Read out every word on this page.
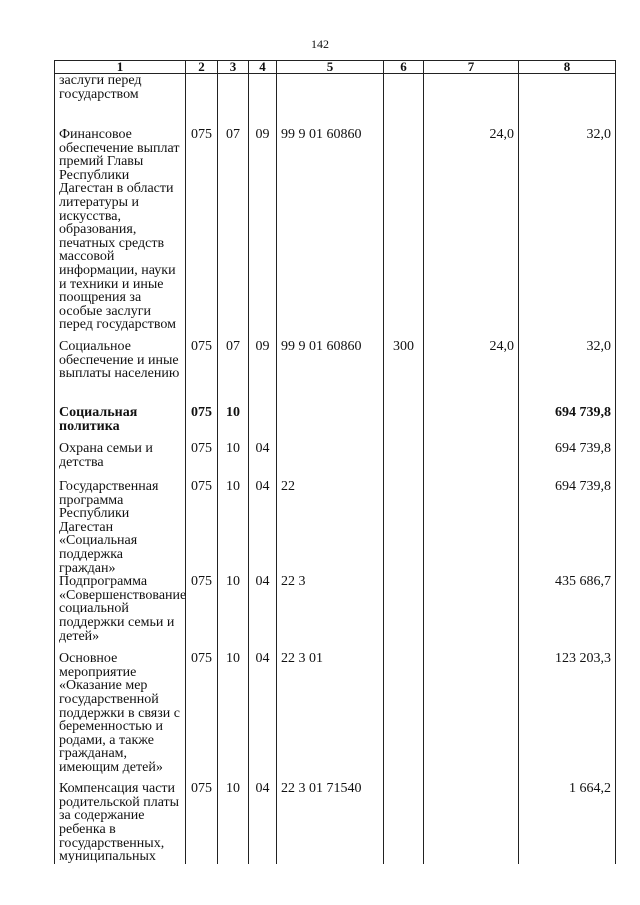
142
1	2	3	4	5	6	7	8
заслуги перед государством							
Финансовое обеспечение выплат премий Главы Республики Дагестан в области литературы и искусства, образования, печатных средств массовой информации, науки и техники и иные поощрения за особые заслуги перед государством	075	07	09	99 9 01 60860		24,0	32,0
Социальное обеспечение и иные выплаты населению	075	07	09	99 9 01 60860	300	24,0	32,0
Социальная политика	075	10					694 739,8
Охрана семьи и детства	075	10	04				694 739,8
Государственная программа Республики Дагестан «Социальная поддержка граждан»	075	10	04	22			694 739,8
Подпрограмма «Совершенствование социальной поддержки семьи и детей»	075	10	04	22 3			435 686,7
Основное мероприятие «Оказание мер государственной поддержки в связи с беременностью и родами, а также гражданам, имеющим детей»	075	10	04	22 3 01			123 203,3
Компенсация части родительской платы за содержание ребенка в государственных, муниципальных	075	10	04	22 3 01 71540			1 664,2
